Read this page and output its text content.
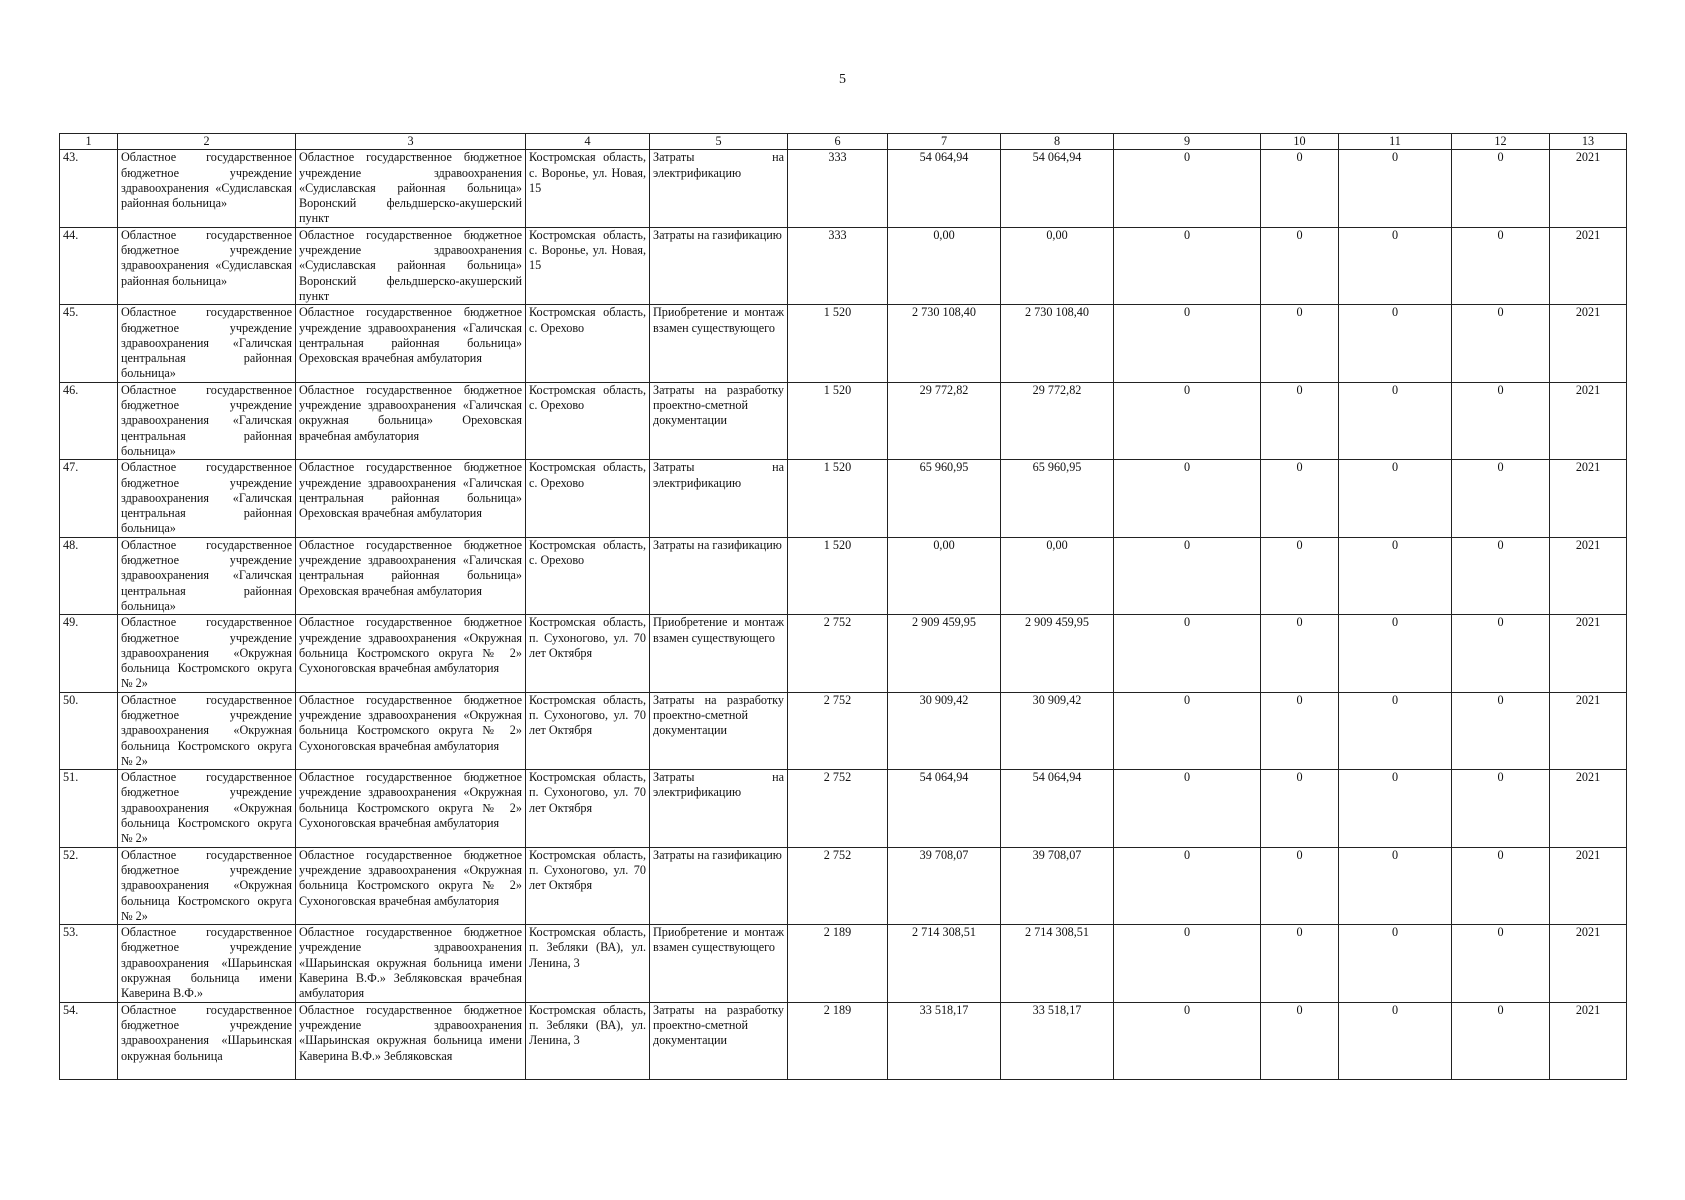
5
1	2	3	4	5	6	7	8	9	10	11	12	13
43.	Областное государственное бюджетное учреждение здравоохранения «Судиславская районная больница»	Областное государственное бюджетное учреждение здравоохранения «Судиславская районная больница» Воронский фельдшерско-акушерский пункт	Костромская область, с. Воронье, ул. Новая, 15	Затраты на электрификацию	333	54 064,94	54 064,94	0	0	0	0	2021
44.	Областное государственное бюджетное учреждение здравоохранения «Судиславская районная больница»	Областное государственное бюджетное учреждение здравоохранения «Судиславская районная больница» Воронский фельдшерско-акушерский пункт	Костромская область, с. Воронье, ул. Новая, 15	Затраты на газификацию	333	0,00	0,00	0	0	0	0	2021
45.	Областное государственное бюджетное учреждение здравоохранения «Галичская центральная районная больница»	Областное государственное бюджетное учреждение здравоохранения «Галичская центральная районная больница» Ореховская врачебная амбулатория	Костромская область, с. Орехово	Приобретение и монтаж взамен существующего	1 520	2 730 108,40	2 730 108,40	0	0	0	0	2021
46.	Областное государственное бюджетное учреждение здравоохранения «Галичская центральная районная больница»	Областное государственное бюджетное учреждение здравоохранения «Галичская окружная больница» Ореховская врачебная амбулатория	Костромская область, с. Орехово	Затраты на разработку проектно-сметной документации	1 520	29 772,82	29 772,82	0	0	0	0	2021
47.	Областное государственное бюджетное учреждение здравоохранения «Галичская центральная районная больница»	Областное государственное бюджетное учреждение здравоохранения «Галичская центральная районная больница» Ореховская врачебная амбулатория	Костромская область, с. Орехово	Затраты на электрификацию	1 520	65 960,95	65 960,95	0	0	0	0	2021
48.	Областное государственное бюджетное учреждение здравоохранения «Галичская центральная районная больница»	Областное государственное бюджетное учреждение здравоохранения «Галичская центральная районная больница» Ореховская врачебная амбулатория	Костромская область, с. Орехово	Затраты на газификацию	1 520	0,00	0,00	0	0	0	0	2021
49.	Областное государственное бюджетное учреждение здравоохранения «Окружная больница Костромского округа № 2»	Областное государственное бюджетное учреждение здравоохранения «Окружная больница Костромского округа № 2» Сухоноговская врачебная амбулатория	Костромская область, п. Сухоногово, ул. 70 лет Октября	Приобретение и монтаж взамен существующего	2 752	2 909 459,95	2 909 459,95	0	0	0	0	2021
50.	Областное государственное бюджетное учреждение здравоохранения «Окружная больница Костромского округа № 2»	Областное государственное бюджетное учреждение здравоохранения «Окружная больница Костромского округа № 2» Сухоноговская врачебная амбулатория	Костромская область, п. Сухоногово, ул. 70 лет Октября	Затраты на разработку проектно-сметной документации	2 752	30 909,42	30 909,42	0	0	0	0	2021
51.	Областное государственное бюджетное учреждение здравоохранения «Окружная больница Костромского округа № 2»	Областное государственное бюджетное учреждение здравоохранения «Окружная больница Костромского округа № 2» Сухоноговская врачебная амбулатория	Костромская область, п. Сухоногово, ул. 70 лет Октября	Затраты на электрификацию	2 752	54 064,94	54 064,94	0	0	0	0	2021
52.	Областное государственное бюджетное учреждение здравоохранения «Окружная больница Костромского округа № 2»	Областное государственное бюджетное учреждение здравоохранения «Окружная больница Костромского округа № 2» Сухоноговская врачебная амбулатория	Костромская область, п. Сухоногово, ул. 70 лет Октября	Затраты на газификацию	2 752	39 708,07	39 708,07	0	0	0	0	2021
53.	Областное государственное бюджетное учреждение здравоохранения «Шарьинская окружная больница имени Каверина В.Ф.»	Областное государственное бюджетное учреждение здравоохранения «Шарьинская окружная больница имени Каверина В.Ф.» Зебляковская врачебная амбулатория	Костромская область, п. Зебляки (ВА), ул. Ленина, 3	Приобретение и монтаж взамен существующего	2 189	2 714 308,51	2 714 308,51	0	0	0	0	2021
54.	Областное государственное бюджетное учреждение здравоохранения «Шарьинская окружная больница	Областное государственное бюджетное учреждение здравоохранения «Шарьинская окружная больница имени Каверина В.Ф.» Зебляковская	Костромская область, п. Зебляки (ВА), ул. Ленина, 3	Затраты на разработку проектно-сметной документации	2 189	33 518,17	33 518,17	0	0	0	0	2021
